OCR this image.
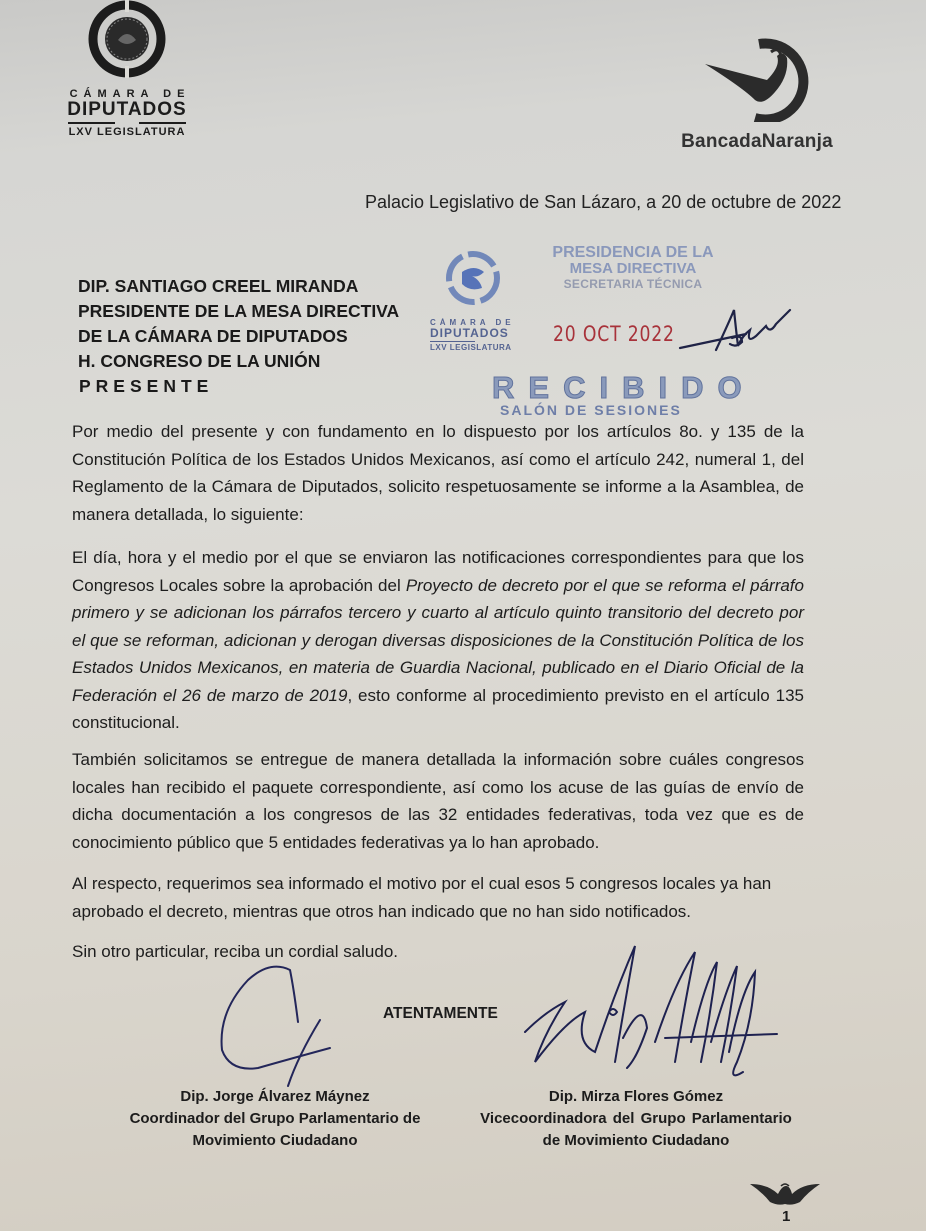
CÁMARA DE
DIPUTADOS
LXV LEGISLATURA	BancadaNaranja
Palacio Legislativo de San Lázaro, a 20 de octubre de 2022
DIP. SANTIAGO CREEL MIRANDA
PRESIDENTE DE LA MESA DIRECTIVA
DE LA CÁMARA DE DIPUTADOS
H. CONGRESO DE LA UNIÓN
PRESENTE
CÁMARA DE
DIPUTADOS
LXV LEGISLATURA
PRESIDENCIA DE LA
MESA DIRECTIVA
SECRETARIA TÉCNICA
20 OCT 2022
RECIBIDO
SALÓN DE SESIONES

Por medio del presente y con fundamento en lo dispuesto por los artículos 8o. y 135 de la Constitución Política de los Estados Unidos Mexicanos, así como el artículo 242, numeral 1, del Reglamento de la Cámara de Diputados, solicito respetuosamente se informe a la Asamblea, de manera detallada, lo siguiente:

El día, hora y el medio por el que se enviaron las notificaciones correspondientes para que los Congresos Locales sobre la aprobación del Proyecto de decreto por el que se reforma el párrafo primero y se adicionan los párrafos tercero y cuarto al artículo quinto transitorio del decreto por el que se reforman, adicionan y derogan diversas disposiciones de la Constitución Política de los Estados Unidos Mexicanos, en materia de Guardia Nacional, publicado en el Diario Oficial de la Federación el 26 de marzo de 2019, esto conforme al procedimiento previsto en el artículo 135 constitucional.

También solicitamos se entregue de manera detallada la información sobre cuáles congresos locales han recibido el paquete correspondiente, así como los acuse de las guías de envío de dicha documentación a los congresos de las 32 entidades federativas, toda vez que es de conocimiento público que 5 entidades federativas ya lo han aprobado.

Al respecto, requerimos sea informado el motivo por el cual esos 5 congresos locales ya han aprobado el decreto, mientras que otros han indicado que no han sido notificados.

Sin otro particular, reciba un cordial saludo.

ATENTAMENTE
Dip. Jorge Álvarez Máynez
Coordinador del Grupo Parlamentario de
Movimiento Ciudadano
Dip. Mirza Flores Gómez
Vicecoordinadora del Grupo Parlamentario
de Movimiento Ciudadano
1
